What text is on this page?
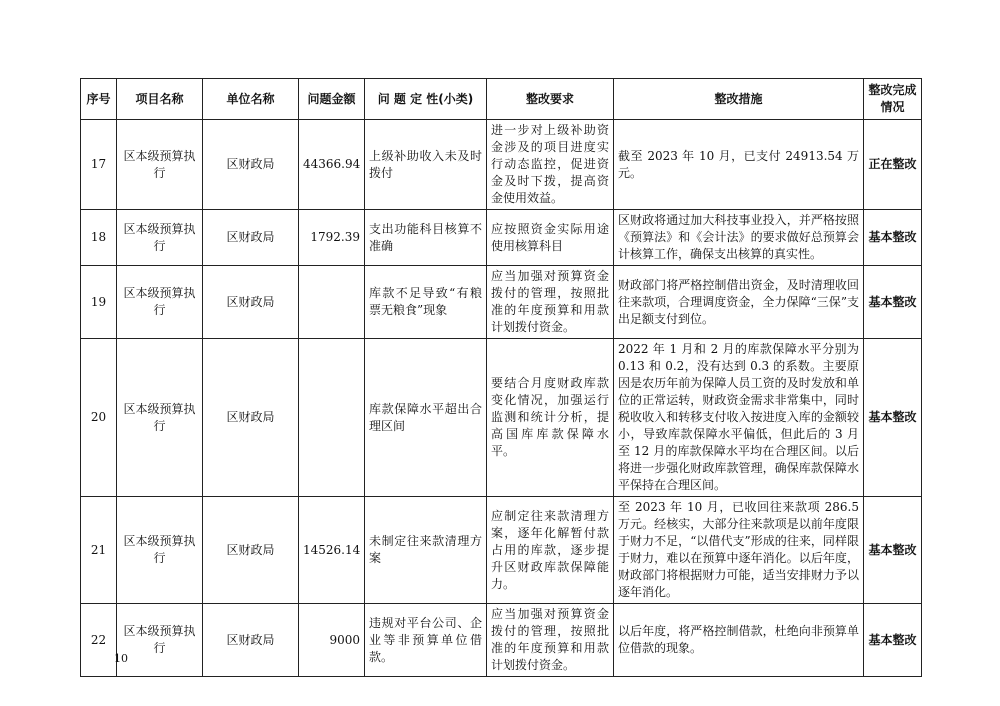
序号	项目名称	单位名称	问题金额	问 题 定 性(小类)	整改要求	整改措施	整改完成情况
17	区本级预算执行	区财政局	44366.94	上级补助收入未及时拨付	进一步对上级补助资金涉及的项目进度实行动态监控，促进资金及时下拨，提高资金使用效益。	截至 2023 年 10 月，已支付 24913.54 万元。	正在整改
18	区本级预算执行	区财政局	1792.39	支出功能科目核算不准确	应按照资金实际用途使用核算科目	区财政将通过加大科技事业投入，并严格按照《预算法》和《会计法》的要求做好总预算会计核算工作，确保支出核算的真实性。	基本整改
19	区本级预算执行	区财政局		库款不足导致“有粮票无粮食”现象	应当加强对预算资金拨付的管理，按照批准的年度预算和用款计划拨付资金。	财政部门将严格控制借出资金，及时清理收回往来款项，合理调度资金，全力保障“三保”支出足额支付到位。	基本整改
20	区本级预算执行	区财政局		库款保障水平超出合理区间	要结合月度财政库款变化情况，加强运行监测和统计分析，提高国库库款保障水平。	2022 年 1 月和 2 月的库款保障水平分别为 0.13 和 0.2，没有达到 0.3 的系数。主要原因是农历年前为保障人员工资的及时发放和单位的正常运转，财政资金需求非常集中，同时税收收入和转移支付收入按进度入库的金额较小，导致库款保障水平偏低，但此后的 3 月至 12 月的库款保障水平均在合理区间。以后将进一步强化财政库款管理，确保库款保障水平保持在合理区间。	基本整改
21	区本级预算执行	区财政局	14526.14	未制定往来款清理方案	应制定往来款清理方案，逐年化解暂付款占用的库款，逐步提升区财政库款保障能力。	至 2023 年 10 月，已收回往来款项 286.5 万元。经核实，大部分往来款项是以前年度限于财力不足，“以借代支”形成的往来，同样限于财力，难以在预算中逐年消化。以后年度，财政部门将根据财力可能，适当安排财力予以逐年消化。	基本整改
22	区本级预算执行	区财政局	9000	违规对平台公司、企业等非预算单位借款。	应当加强对预算资金拨付的管理，按照批准的年度预算和用款计划拨付资金。	以后年度，将严格控制借款，杜绝向非预算单位借款的现象。	基本整改
10
